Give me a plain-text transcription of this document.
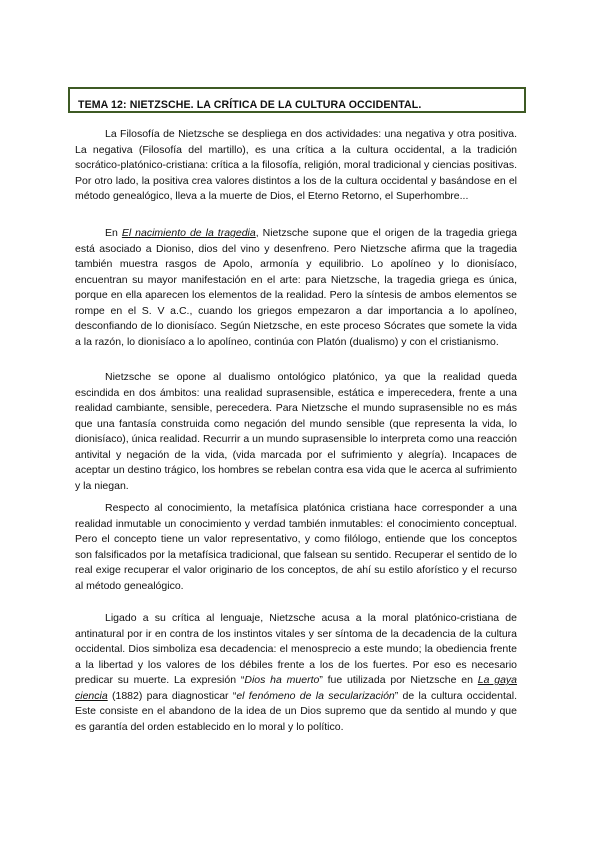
TEMA 12: NIETZSCHE. LA CRÍTICA DE LA CULTURA OCCIDENTAL.

La Filosofía de Nietzsche se despliega en dos actividades: una negativa y otra positiva. La negativa (Filosofía del martillo), es una crítica a la cultura occidental, a la tradición socrático-platónico-cristiana: crítica a la filosofía, religión, moral tradicional y ciencias positivas. Por otro lado, la positiva crea valores distintos a los de la cultura occidental y basándose en el método genealógico, lleva a la muerte de Dios, el Eterno Retorno, el Superhombre...

En El nacimiento de la tragedia, Nietzsche supone que el origen de la tragedia griega está asociado a Dioniso, dios del vino y desenfreno. Pero Nietzsche afirma que la tragedia también muestra rasgos de Apolo, armonía y equilibrio. Lo apolíneo y lo dionisíaco, encuentran su mayor manifestación en el arte: para Nietzsche, la tragedia griega es única, porque en ella aparecen los elementos de la realidad. Pero la síntesis de ambos elementos se rompe en el S. V a.C., cuando los griegos empezaron a dar importancia a lo apolíneo, desconfiando de lo dionisíaco. Según Nietzsche, en este proceso Sócrates que somete la vida a la razón, lo dionisíaco a lo apolíneo, continúa con Platón (dualismo) y con el cristianismo.

Nietzsche se opone al dualismo ontológico platónico, ya que la realidad queda escindida en dos ámbitos: una realidad suprasensible, estática e imperecedera, frente a una realidad cambiante, sensible, perecedera. Para Nietzsche el mundo suprasensible no es más que una fantasía construida como negación del mundo sensible (que representa la vida, lo dionisíaco), única realidad. Recurrir a un mundo suprasensible lo interpreta como una reacción antivital y negación de la vida, (vida marcada por el sufrimiento y alegría). Incapaces de aceptar un destino trágico, los hombres se rebelan contra esa vida que le acerca al sufrimiento y la niegan.

Respecto al conocimiento, la metafísica platónica cristiana hace corresponder a una realidad inmutable un conocimiento y verdad también inmutables: el conocimiento conceptual. Pero el concepto tiene un valor representativo, y como filólogo, entiende que los conceptos son falsificados por la metafísica tradicional, que falsean su sentido. Recuperar el sentido de lo real exige recuperar el valor originario de los conceptos, de ahí su estilo aforístico y el recurso al método genealógico.

Ligado a su crítica al lenguaje, Nietzsche acusa a la moral platónico-cristiana de antinatural por ir en contra de los instintos vitales y ser síntoma de la decadencia de la cultura occidental. Dios simboliza esa decadencia: el menosprecio a este mundo; la obediencia frente a la libertad y los valores de los débiles frente a los de los fuertes. Por eso es necesario predicar su muerte. La expresión “Dios ha muerto” fue utilizada por Nietzsche en La gaya ciencia (1882) para diagnosticar “el fenómeno de la secularización” de la cultura occidental. Este consiste en el abandono de la idea de un Dios supremo que da sentido al mundo y que es garantía del orden establecido en lo moral y lo político.
